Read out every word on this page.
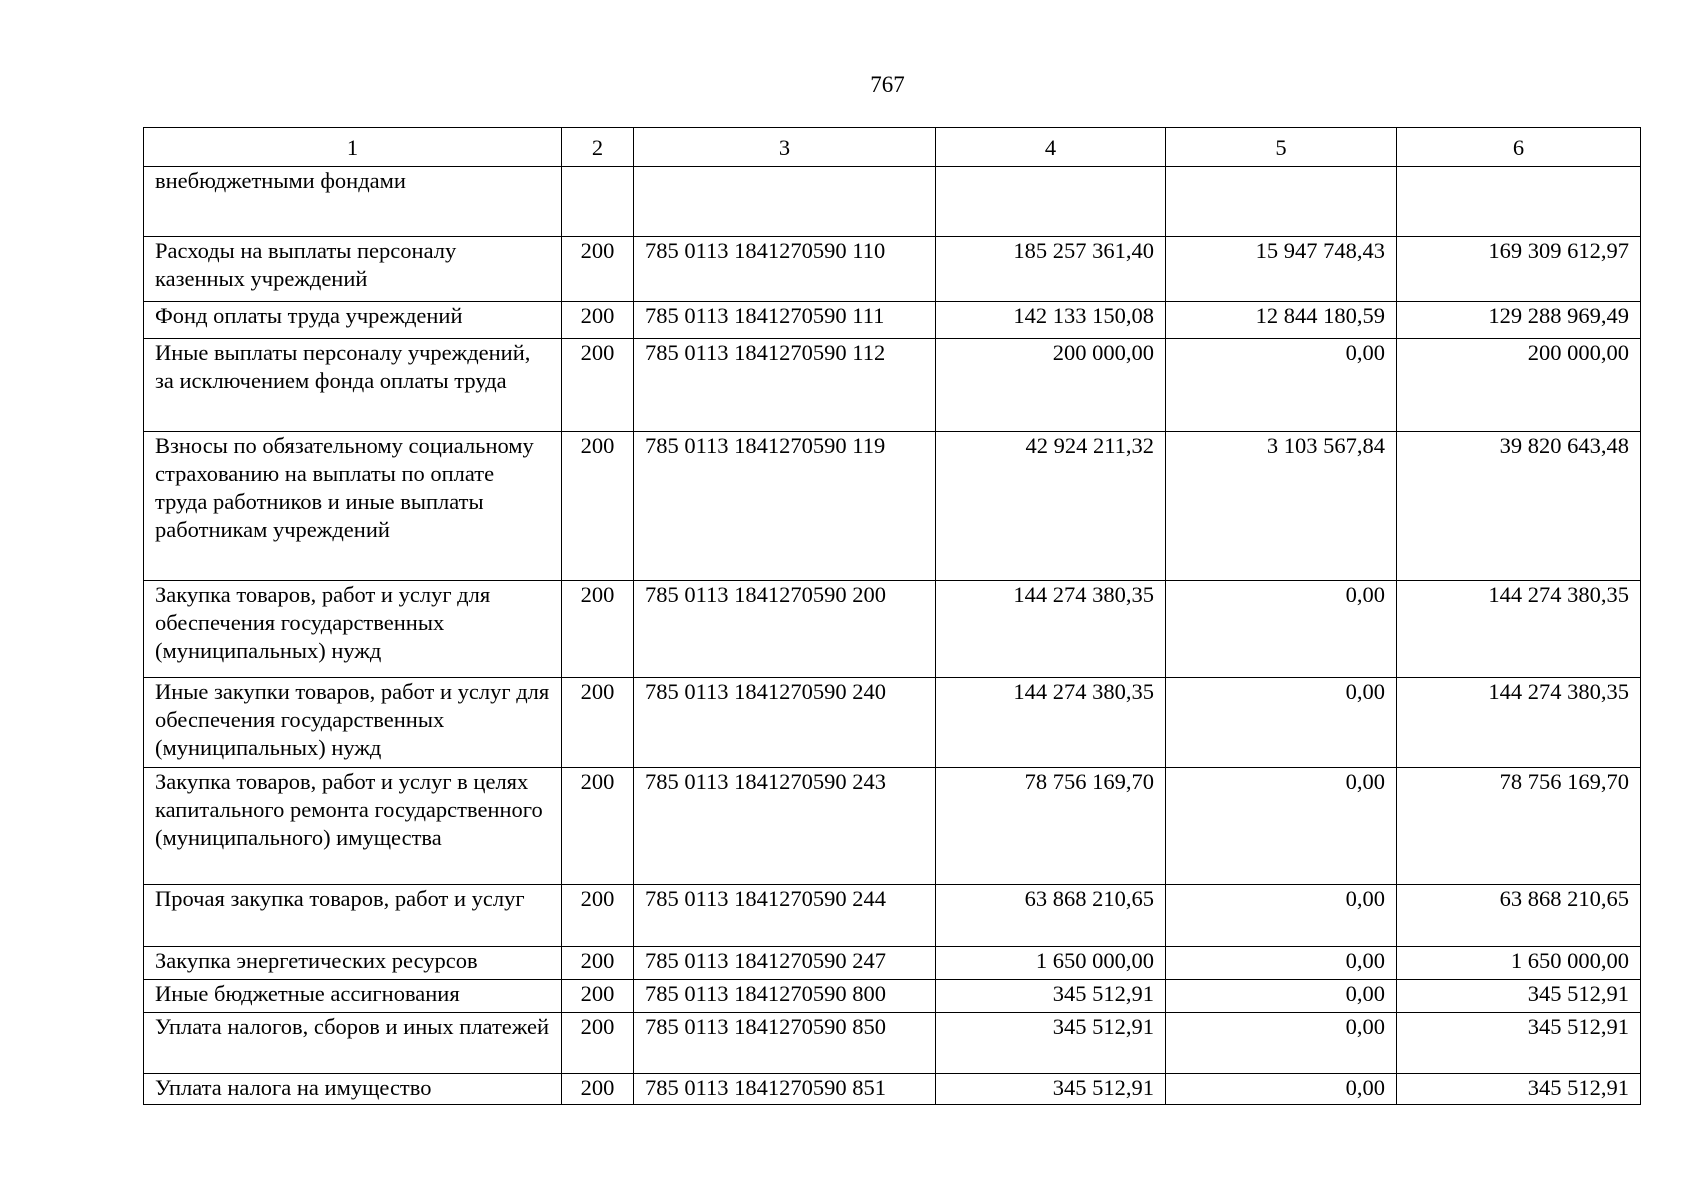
767
1	2	3	4	5	6
внебюджетными фондами					
Расходы на выплаты персоналу казенных учреждений	200	785 0113 1841270590 110	185 257 361,40	15 947 748,43	169 309 612,97
Фонд оплаты труда учреждений	200	785 0113 1841270590 111	142 133 150,08	12 844 180,59	129 288 969,49
Иные выплаты персоналу учреждений, за исключением фонда оплаты труда	200	785 0113 1841270590 112	200 000,00	0,00	200 000,00
Взносы по обязательному социальному страхованию на выплаты по оплате труда работников и иные выплаты работникам учреждений	200	785 0113 1841270590 119	42 924 211,32	3 103 567,84	39 820 643,48
Закупка товаров, работ и услуг для обеспечения государственных (муниципальных) нужд	200	785 0113 1841270590 200	144 274 380,35	0,00	144 274 380,35
Иные закупки товаров, работ и услуг для обеспечения государственных (муниципальных) нужд	200	785 0113 1841270590 240	144 274 380,35	0,00	144 274 380,35
Закупка товаров, работ и услуг в целях капитального ремонта государственного (муниципального) имущества	200	785 0113 1841270590 243	78 756 169,70	0,00	78 756 169,70
Прочая закупка товаров, работ и услуг	200	785 0113 1841270590 244	63 868 210,65	0,00	63 868 210,65
Закупка энергетических ресурсов	200	785 0113 1841270590 247	1 650 000,00	0,00	1 650 000,00
Иные бюджетные ассигнования	200	785 0113 1841270590 800	345 512,91	0,00	345 512,91
Уплата налогов, сборов и иных платежей	200	785 0113 1841270590 850	345 512,91	0,00	345 512,91
Уплата налога на имущество	200	785 0113 1841270590 851	345 512,91	0,00	345 512,91
